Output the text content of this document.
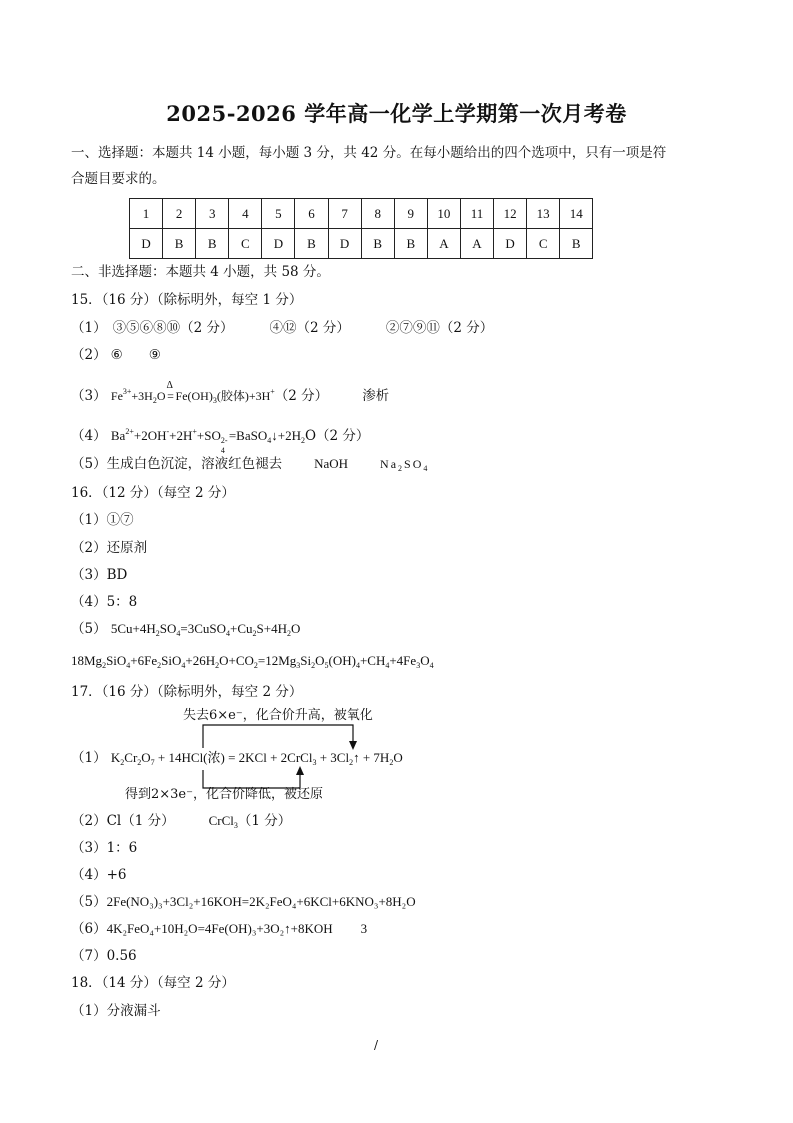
2025-2026 学年高一化学上学期第一次月考卷
一、选择题：本题共 14 小题，每小题 3 分，共 42 分。在每小题给出的四个选项中，只有一项是符
合题目要求的。
1	2	3	4	5	6	7	8	9	10	11	12	13	14
D	B	B	C	D	B	D	B	B	A	A	D	C	B
二、非选择题：本题共 4 小题，共 58 分。
15．（16 分）（除标明外，每空 1 分）
（1） ③⑤⑥⑧⑩（2 分）	④⑫（2 分）	②⑦⑨⑪（2 分）
（2） ⑥ ⑨
（3） $Fe^{3+}+3H_2O$
Δ
= $Fe(OH)_3$(胶体)+3H+（2 分）	渗析
（4） $Ba^{2+}+2OH^-+2H^++SO$ 2-
4
$=BaSO_4↓+2H_2O(2$ 分）
（5）生成白色沉淀，溶液红色褪去 NaOH	$Na_2SO_4$
16．（12 分）（每空 2 分）
（1）①⑦
（2）还原剂
（3）BD
（4）5：8
（5） $5Cu+4H_2SO_4=3CuSO_4+Cu_2S+4H_2O$
$18Mg_2SiO_4+6Fe_2SiO_4+26H_2O+CO_2=12Mg_3Si_2O_5(OH)_4+CH_4+4Fe_3O_4$
17．（16 分）（除标明外，每空 2 分）
失去6×e⁻，化合价升高，被氧化
（1） $K_2Cr_2O_7 + 14HCl$(浓) = 2KCl + 2CrCl$_3$ + $3Cl_2↑ + 7H_2O$
得到2×3e⁻，化合价降低，被还原
（2）Cl（1 分）	CrCl$_3$（1 分）
（3）1：6
（4）+6
（5）2Fe(NO₃)₃+3Cl₂+16KOH=2K₂FeO₄+6KCl+6KNO₃+8H₂O
（6）4K₂FeO₄+10H₂O=4Fe(OH)₃+3O₂↑+8KOH 3
（7）0.56
18．（14 分）（每空 2 分）
（1）分液漏斗
/
